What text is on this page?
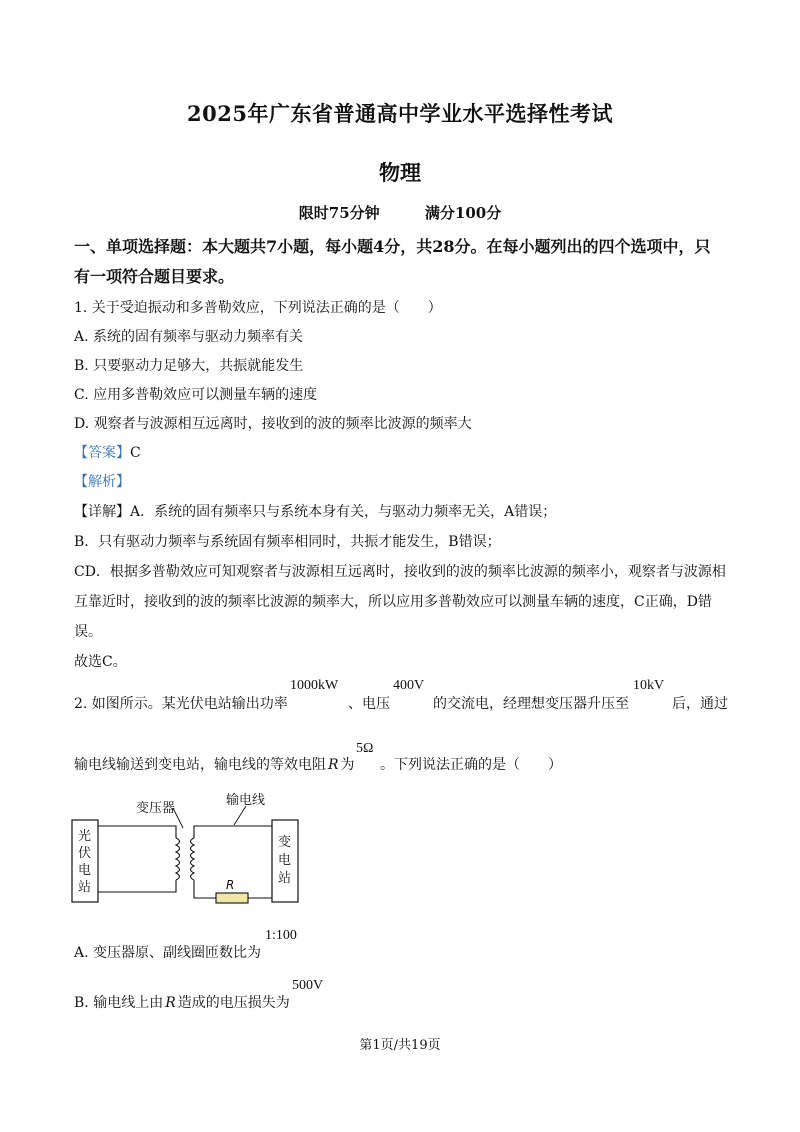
2025年广东省普通高中学业水平选择性考试
物理
限时75分钟	满分100分
一、单项选择题：本大题共7小题，每小题4分，共28分。在每小题列出的四个选项中，只
有一项符合题目要求。
1. 关于受迫振动和多普勒效应，下列说法正确的是（　　）
A. 系统的固有频率与驱动力频率有关
B. 只要驱动力足够大，共振就能发生
C. 应用多普勒效应可以测量车辆的速度
D. 观察者与波源相互远离时，接收到的波的频率比波源的频率大
【答案】C
【解析】
【详解】A．系统的固有频率只与系统本身有关，与驱动力频率无关，A错误；
B．只有驱动力频率与系统固有频率相同时，共振才能发生，B错误；
CD．根据多普勒效应可知观察者与波源相互远离时，接收到的波的频率比波源的频率小，观察者与波源相
互靠近时，接收到的波的频率比波源的频率大，所以应用多普勒效应可以测量车辆的速度，C正确，D错
误。
故选C。
2. 如图所示。某光伏电站输出功率
1000kW
、电压
400V
的交流电，经理想变压器升压至
10kV
后，通过
输电线输送到变电站，输电线的等效电阻 R 为
5Ω
。下列说法正确的是（　　）
变压器
输电线
光
伏
电
站
变
电
站
R
A. 变压器原、副线圈匝数比为
1:100
B. 输电线上由 R 造成的电压损失为
500V
第1页/共19页
